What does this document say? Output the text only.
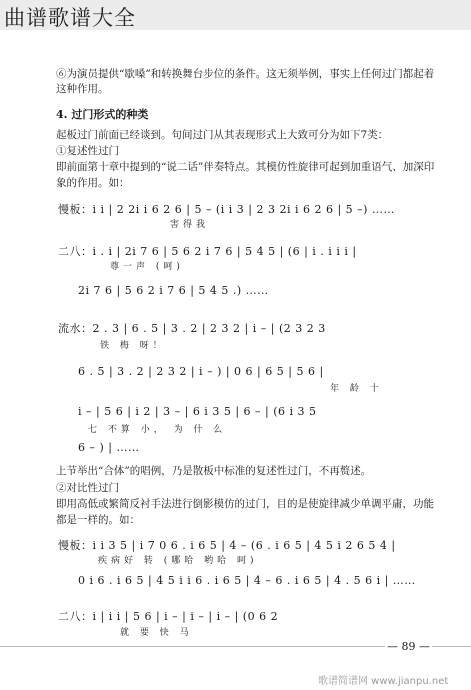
曲谱歌谱大全
⑥为演员提供“歇嗓”和转换舞台步位的条件。这无须举例，事实上任何过门都起着
这种作用。
4. 过门形式的种类
起板过门前面已经谈到。句间过门从其表现形式上大致可分为如下7类：
①复述性过门
即前面第十章中提到的“说二话”伴奏特点。其模仿性旋律可起到加重语气、加深印
象的作用。如：
慢板：i i | 2 2i i 6 2 6 | 5 – (i i 3 | 2 3 2i i 6 2 6 | 5 –) ……
害得我
二八：i . i | 2i 7 6 | 5 6 2 i 7 6 | 5 4 5 | (6 | i . i i i |
尊一声 (呵)
2i 7 6 | 5 6 2 i 7 6 | 5 4 5 .) ……
流水：2 . 3 | 6 . 5 | 3 . 2 | 2 3 2 | i – | (2 3 2 3
铁 梅 呀！
6 . 5 | 3 . 2 | 2 3 2 | i – ) | 0 6 | 6 5 | 5 6 |
年 龄 十
i – | 5 6 | i 2 | 3 – | 6 i 3 5 | 6 – | (6 i 3 5
七 不算 小， 为 什 么
6 – ) | ……
上节举出“合体”的唱例，乃是散板中标准的复述性过门，不再赘述。
②对比性过门
即用高低或繁简反衬手法进行倒影模仿的过门，目的是使旋律减少单调平庸，功能
都是一样的。如：
慢板：i i 3 5 | i 7 0 6 . i 6 5 | 4 – (6 . i 6 5 | 4 5 i 2 6 5 4 |
疾病好 转 (哪哈 哟哈 呵)
0 i 6 . i 6 5 | 4 5 i i 6 . i 6 5 | 4 – 6 . i 6 5 | 4 . 5 6 i | ……
二八：i | i i | 5 6 | i – | i – | i – | (0 6 2
就 要 快 马
— 89 —
歌谱简谱网 www.jianpu.net
